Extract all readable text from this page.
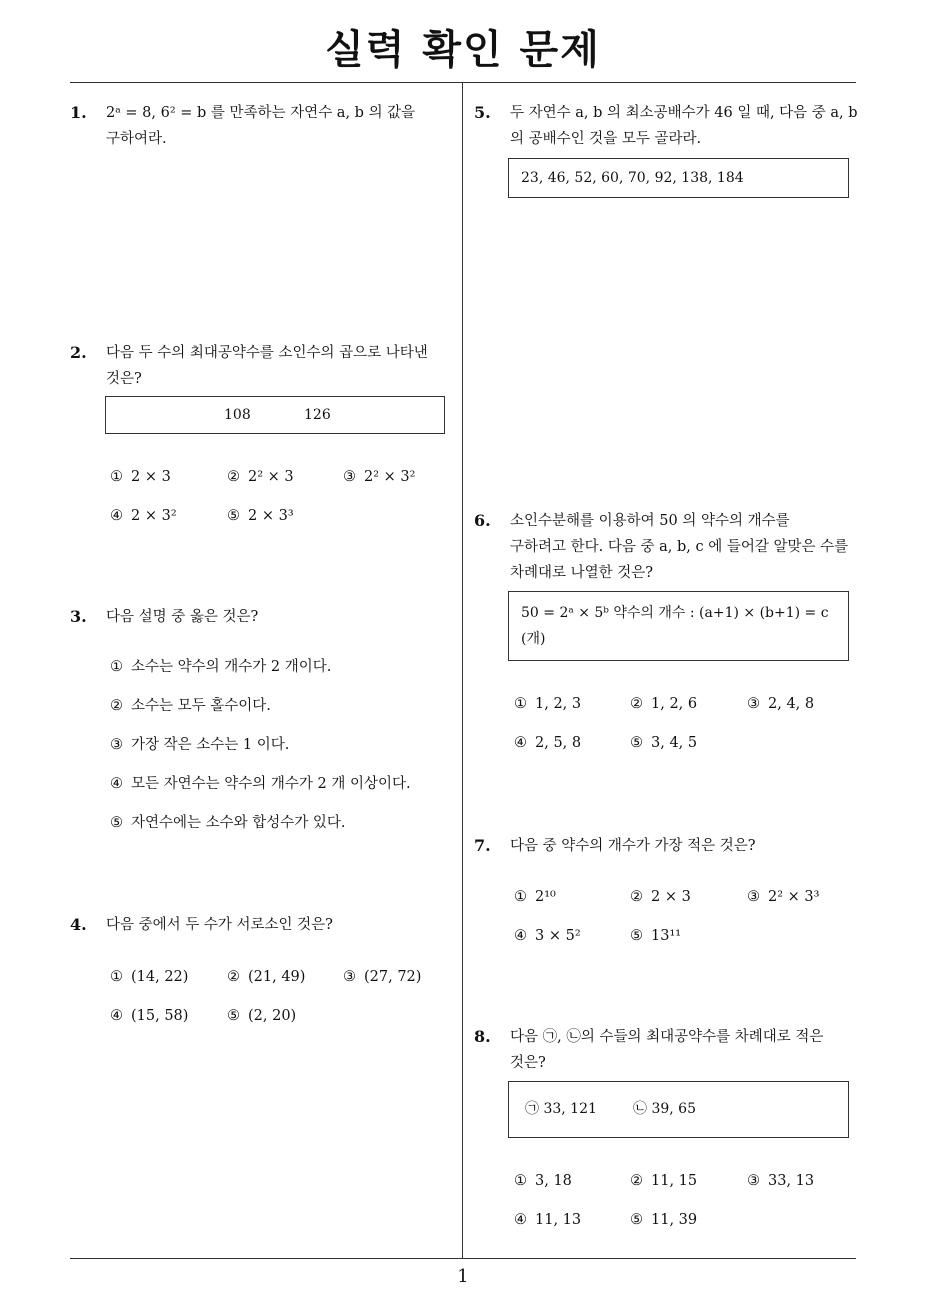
실력 확인 문제
1. 2ᵃ = 8, 6² = b 를 만족하는 자연수 a, b 의 값을
구하여라.
2. 다음 두 수의 최대공약수를 소인수의 곱으로 나타낸
것은?
108	126
① 2 × 3	② 2² × 3	③ 2² × 3²
④ 2 × 3²	⑤ 2 × 3³
3. 다음 설명 중 옳은 것은?
① 소수는 약수의 개수가 2 개이다.
② 소수는 모두 홀수이다.
③ 가장 작은 소수는 1 이다.
④ 모든 자연수는 약수의 개수가 2 개 이상이다.
⑤ 자연수에는 소수와 합성수가 있다.
4. 다음 중에서 두 수가 서로소인 것은?
① (14, 22)	② (21, 49)	③ (27, 72)
④ (15, 58)	⑤ (2, 20)
5. 두 자연수 a, b 의 최소공배수가 46 일 때, 다음 중 a, b
의 공배수인 것을 모두 골라라.
23, 46, 52, 60, 70, 92, 138, 184
6. 소인수분해를 이용하여 50 의 약수의 개수를
구하려고 한다. 다음 중 a, b, c 에 들어갈 알맞은 수를
차례대로 나열한 것은?
50 = 2ᵃ × 5ᵇ 약수의 개수 : (a+1) × (b+1) = c
(개)
① 1, 2, 3	② 1, 2, 6	③ 2, 4, 8
④ 2, 5, 8	⑤ 3, 4, 5
7. 다음 중 약수의 개수가 가장 적은 것은?
① 2¹⁰	② 2 × 3	③ 2² × 3³
④ 3 × 5²	⑤ 13¹¹
8. 다음 ㉠, ㉡의 수들의 최대공약수를 차례대로 적은
것은?
㉠ 33, 121	㉡ 39, 65
① 3, 18	② 11, 15	③ 33, 13
④ 11, 13	⑤ 11, 39
1
